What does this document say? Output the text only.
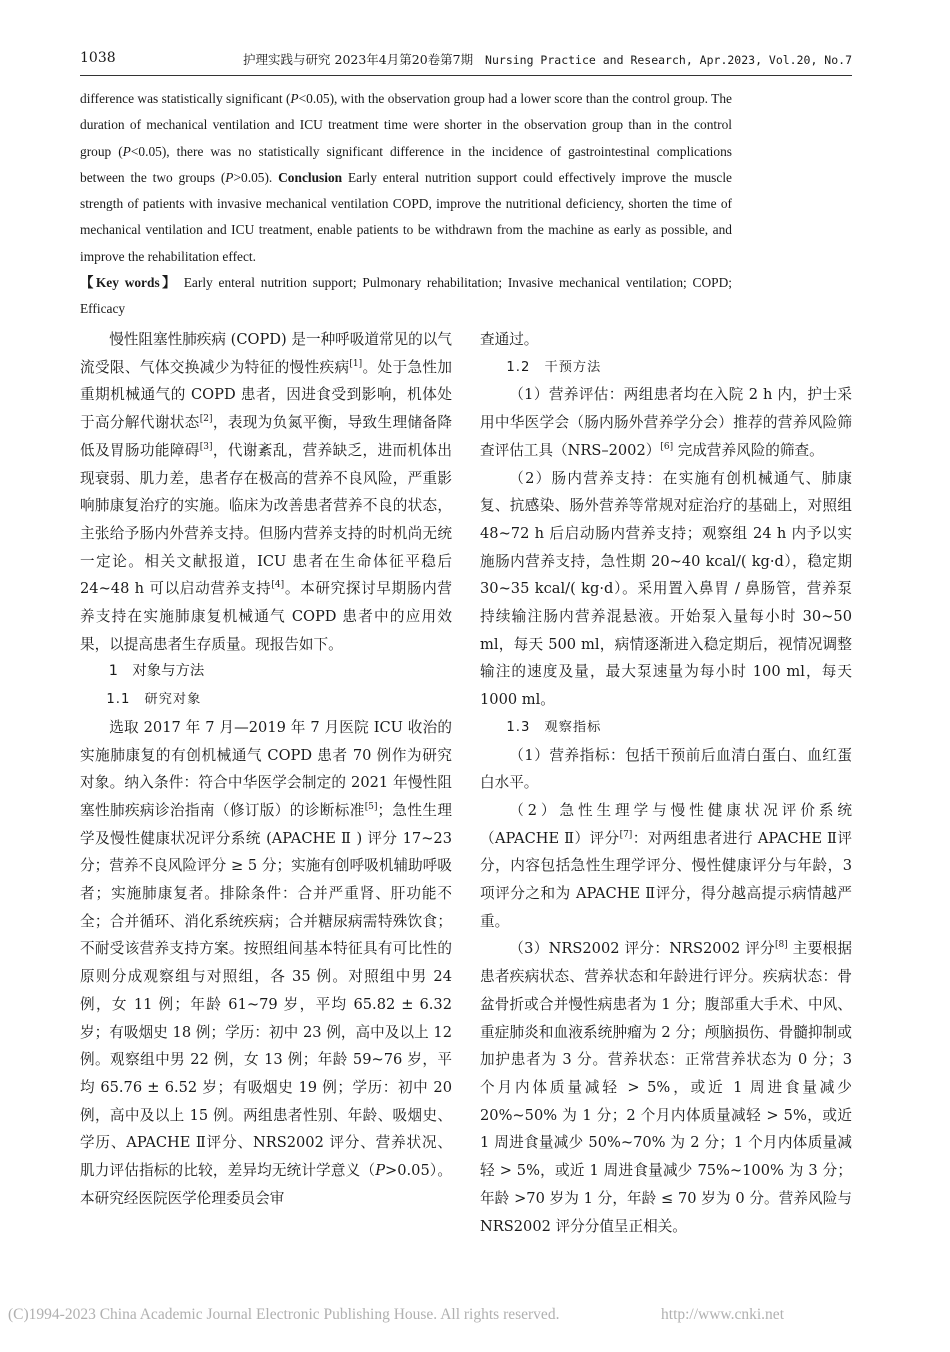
1038	护理实践与研究 2023年4月第20卷第7期 Nursing Practice and Research, Apr.2023, Vol.20, No.7
difference was statistically significant (P<0.05), with the observation group had a lower score than the control group. The duration of mechanical ventilation and ICU treatment time were shorter in the observation group than in the control group (P<0.05), there was no statistically significant difference in the incidence of gastrointestinal complications between the two groups (P>0.05). Conclusion Early enteral nutrition support could effectively improve the muscle strength of patients with invasive mechanical ventilation COPD, improve the nutritional deficiency, shorten the time of mechanical ventilation and ICU treatment, enable patients to be withdrawn from the machine as early as possible, and improve the rehabilitation effect.
【Key words】 Early enteral nutrition support; Pulmonary rehabilitation; Invasive mechanical ventilation; COPD; Efficacy

慢性阻塞性肺疾病 (COPD) 是一种呼吸道常见的以气流受限、气体交换减少为特征的慢性疾病[1]。处于急性加重期机械通气的 COPD 患者，因进食受到影响，机体处于高分解代谢状态[2]，表现为负氮平衡，导致生理储备降低及胃肠功能障碍[3]，代谢紊乱，营养缺乏，进而机体出现衰弱、肌力差，患者存在极高的营养不良风险，严重影响肺康复治疗的实施。临床为改善患者营养不良的状态，主张给予肠内外营养支持。但肠内营养支持的时机尚无统一定论。相关文献报道，ICU 患者在生命体征平稳后 24~48 h 可以启动营养支持[4]。本研究探讨早期肠内营养支持在实施肺康复机械通气 COPD 患者中的应用效果，以提高患者生存质量。现报告如下。

1　对象与方法

1.1　研究对象

选取 2017 年 7 月—2019 年 7 月医院 ICU 收治的实施肺康复的有创机械通气 COPD 患者 70 例作为研究对象。纳入条件：符合中华医学会制定的 2021 年慢性阻塞性肺疾病诊治指南（修订版）的诊断标准[5]；急性生理学及慢性健康状况评分系统 (APACHE Ⅱ ) 评分 17~23 分；营养不良风险评分 ≥ 5 分；实施有创呼吸机辅助呼吸者；实施肺康复者。排除条件：合并严重肾、肝功能不全；合并循环、消化系统疾病；合并糖尿病需特殊饮食；不耐受该营养支持方案。按照组间基本特征具有可比性的原则分成观察组与对照组，各 35 例。对照组中男 24 例，女 11 例；年龄 61~79 岁，平均 65.82 ± 6.32 岁；有吸烟史 18 例；学历：初中 23 例，高中及以上 12 例。观察组中男 22 例，女 13 例；年龄 59~76 岁，平均 65.76 ± 6.52 岁；有吸烟史 19 例；学历：初中 20 例，高中及以上 15 例。两组患者性别、年龄、吸烟史、学历、APACHE Ⅱ评分、NRS2002 评分、营养状况、肌力评估指标的比较，差异均无统计学意义（P>0.05）。本研究经医院医学伦理委员会审

查通过。

1.2　干预方法

（1）营养评估：两组患者均在入院 2 h 内，护士采用中华医学会（肠内肠外营养学分会）推荐的营养风险筛查评估工具（NRS–2002）[6] 完成营养风险的筛查。

（2）肠内营养支持：在实施有创机械通气、肺康复、抗感染、肠外营养等常规对症治疗的基础上，对照组 48~72 h 后启动肠内营养支持；观察组 24 h 内予以实施肠内营养支持，急性期 20~40 kcal/( kg·d），稳定期 30~35 kcal/( kg·d）。采用置入鼻胃 / 鼻肠管，营养泵持续输注肠内营养混悬液。开始泵入量每小时 30~50 ml，每天 500 ml，病情逐渐进入稳定期后，视情况调整输注的速度及量，最大泵速量为每小时 100 ml，每天 1000 ml。

1.3　观察指标

（1）营养指标：包括干预前后血清白蛋白、血红蛋白水平。

（2）急性生理学与慢性健康状况评价系统（APACHE Ⅱ）评分[7]：对两组患者进行 APACHE Ⅱ评分，内容包括急性生理学评分、慢性健康评分与年龄，3 项评分之和为 APACHE Ⅱ评分，得分越高提示病情越严重。

（3）NRS2002 评分：NRS2002 评分[8] 主要根据患者疾病状态、营养状态和年龄进行评分。疾病状态：骨盆骨折或合并慢性病患者为 1 分；腹部重大手术、中风、重症肺炎和血液系统肿瘤为 2 分；颅脑损伤、骨髓抑制或加护患者为 3 分。营养状态：正常营养状态为 0 分；3 个月内体质量减轻 > 5%，或近 1 周进食量减少 20%~50% 为 1 分；2 个月内体质量减轻 > 5%，或近 1 周进食量减少 50%~70% 为 2 分；1 个月内体质量减轻 > 5%，或近 1 周进食量减少 75%~100% 为 3 分；年龄 >70 岁为 1 分，年龄 ≤ 70 岁为 0 分。营养风险与 NRS2002 评分分值呈正相关。

(C)1994-2023 China Academic Journal Electronic Publishing House. All rights reserved.	http://www.cnki.net
